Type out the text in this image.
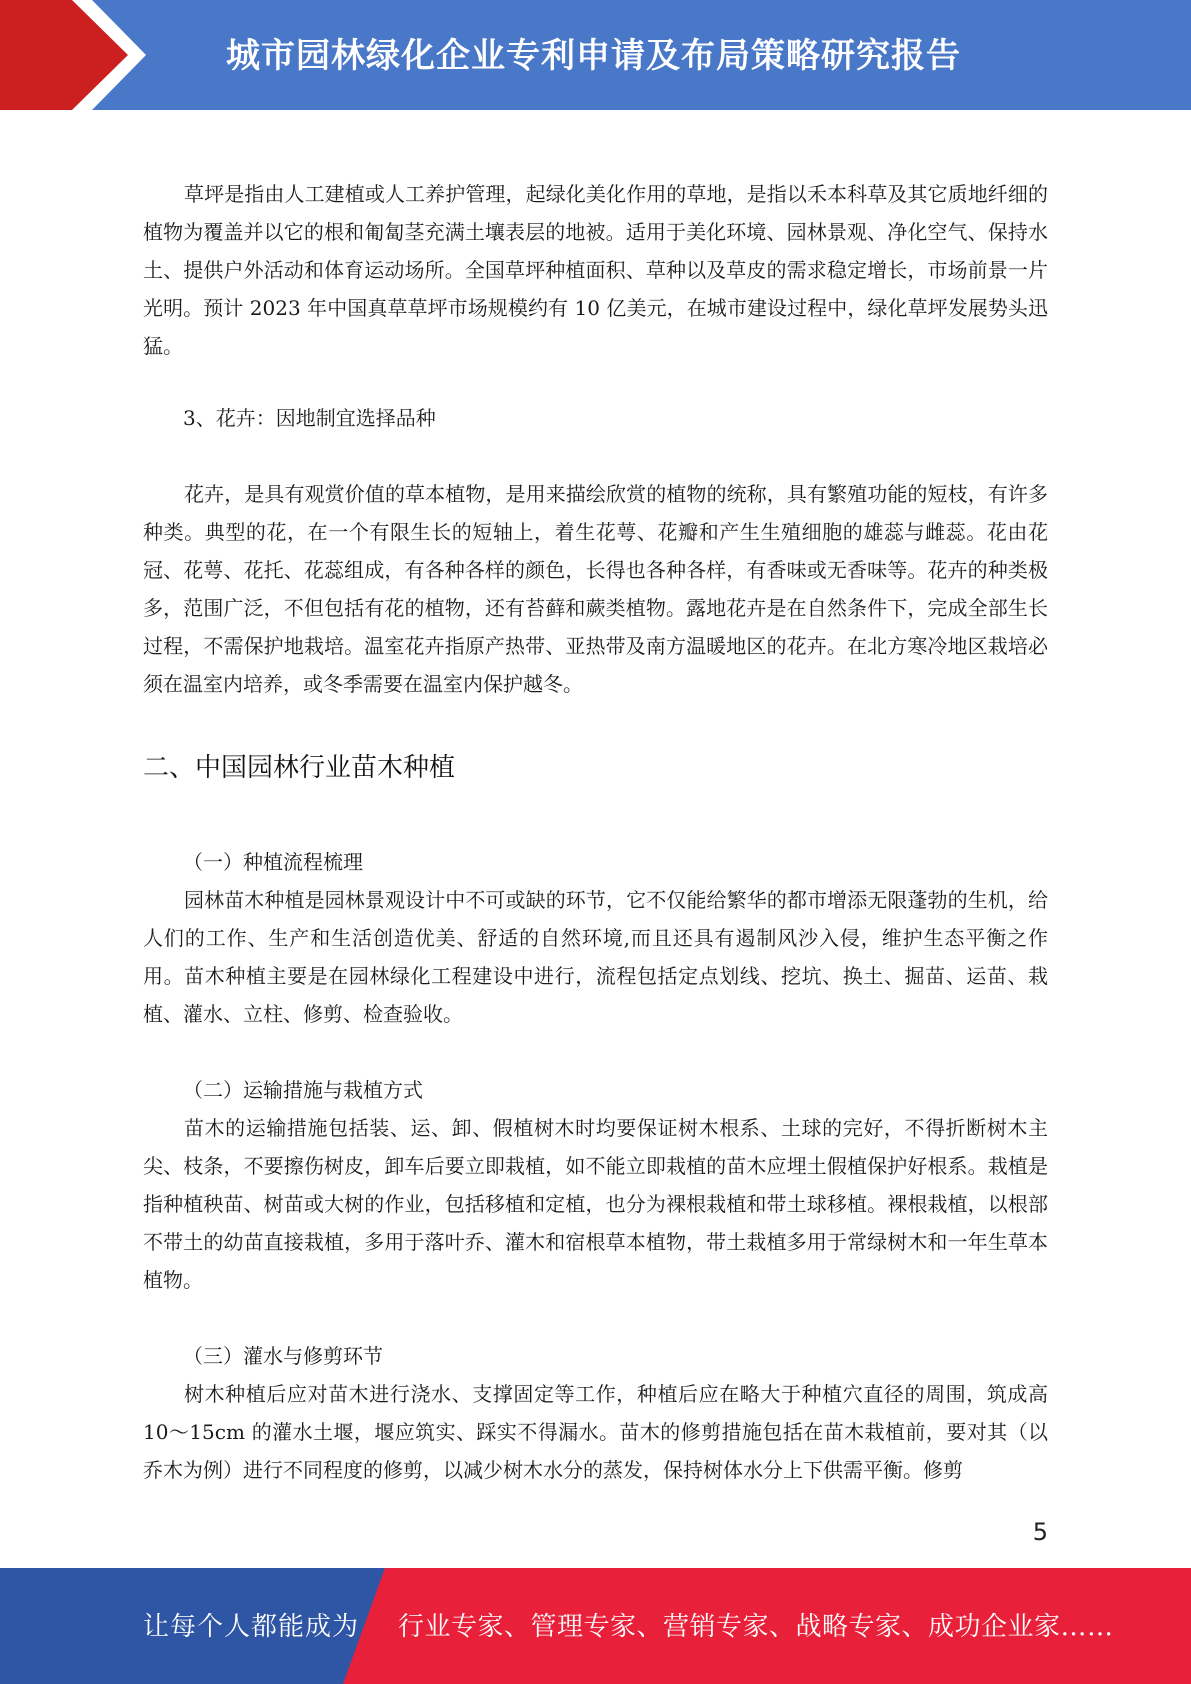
城市园林绿化企业专利申请及布局策略研究报告

草坪是指由人工建植或人工养护管理，起绿化美化作用的草地，是指以禾本科草及其它质地纤细的植物为覆盖并以它的根和匍匐茎充满土壤表层的地被。适用于美化环境、园林景观、净化空气、保持水土、提供户外活动和体育运动场所。全国草坪种植面积、草种以及草皮的需求稳定增长，市场前景一片光明。预计 2023 年中国真草草坪市场规模约有 10 亿美元，在城市建设过程中，绿化草坪发展势头迅猛。

3、花卉：因地制宜选择品种

花卉，是具有观赏价值的草本植物，是用来描绘欣赏的植物的统称，具有繁殖功能的短枝，有许多种类。典型的花，在一个有限生长的短轴上，着生花萼、花瓣和产生生殖细胞的雄蕊与雌蕊。花由花冠、花萼、花托、花蕊组成，有各种各样的颜色，长得也各种各样，有香味或无香味等。花卉的种类极多，范围广泛，不但包括有花的植物，还有苔藓和蕨类植物。露地花卉是在自然条件下，完成全部生长过程，不需保护地栽培。温室花卉指原产热带、亚热带及南方温暖地区的花卉。在北方寒冷地区栽培必须在温室内培养，或冬季需要在温室内保护越冬。

二、中国园林行业苗木种植
（一）种植流程梳理

园林苗木种植是园林景观设计中不可或缺的环节，它不仅能给繁华的都市增添无限蓬勃的生机，给人们的工作、生产和生活创造优美、舒适的自然环境,而且还具有遏制风沙入侵，维护生态平衡之作用。苗木种植主要是在园林绿化工程建设中进行，流程包括定点划线、挖坑、换土、掘苗、运苗、栽植、灌水、立柱、修剪、检查验收。

（二）运输措施与栽植方式

苗木的运输措施包括装、运、卸、假植树木时均要保证树木根系、土球的完好，不得折断树木主尖、枝条，不要擦伤树皮，卸车后要立即栽植，如不能立即栽植的苗木应埋土假植保护好根系。栽植是指种植秧苗、树苗或大树的作业，包括移植和定植，也分为裸根栽植和带土球移植。裸根栽植，以根部不带土的幼苗直接栽植，多用于落叶乔、灌木和宿根草本植物，带土栽植多用于常绿树木和一年生草本植物。

（三）灌水与修剪环节

树木种植后应对苗木进行浇水、支撑固定等工作，种植后应在略大于种植穴直径的周围，筑成高 10～15cm 的灌水土堰，堰应筑实、踩实不得漏水。苗木的修剪措施包括在苗木栽植前，要对其（以乔木为例）进行不同程度的修剪，以减少树木水分的蒸发，保持树体水分上下供需平衡。修剪

5
让每个人都能成为 行业专家、管理专家、营销专家、战略专家、成功企业家……
